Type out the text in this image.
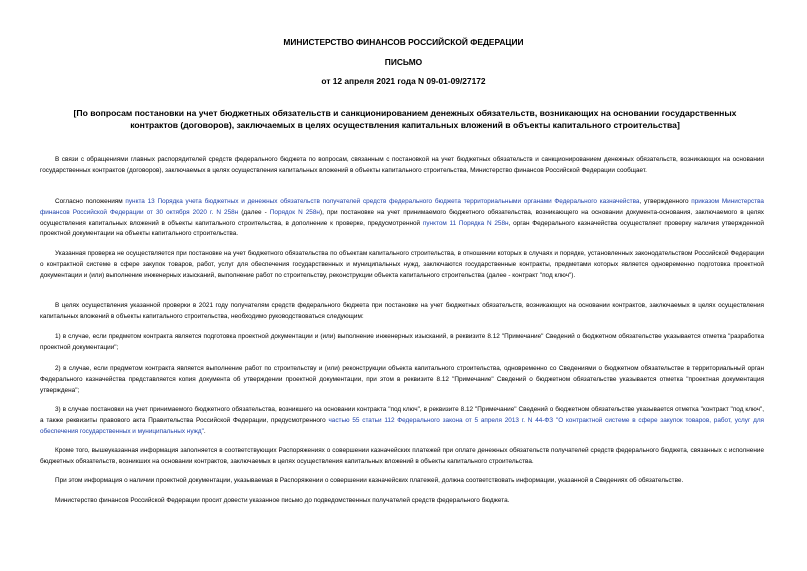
МИНИСТЕРСТВО ФИНАНСОВ РОССИЙСКОЙ ФЕДЕРАЦИИ

ПИСЬМО

от 12 апреля 2021 года N 09-01-09/27172

[По вопросам постановки на учет бюджетных обязательств и санкционированием денежных обязательств, возникающих на основании государственных контрактов (договоров), заключаемых в целях осуществления капитальных вложений в объекты капитального строительства]

В связи с обращениями главных распорядителей средств федерального бюджета по вопросам, связанным с постановкой на учет бюджетных обязательств и санкционированием денежных обязательств, возникающих на основании государственных контрактов (договоров), заключаемых в целях осуществления капитальных вложений в объекты капитального строительства, Министерство финансов Российской Федерации сообщает.

Согласно положениям пункта 13 Порядка учета бюджетных и денежных обязательств получателей средств федерального бюджета территориальными органами Федерального казначейства, утвержденного приказом Министерства финансов Российской Федерации от 30 октября 2020 г. N 258н (далее - Порядок N 258н), при постановке на учет принимаемого бюджетного обязательства, возникающего на основании документа-основания, заключаемого в целях осуществления капитальных вложений в объекты капитального строительства, в дополнение к проверке, предусмотренной пунктом 11 Порядка N 258н, орган Федерального казначейства осуществляет проверку наличия утвержденной проектной документации на объекты капитального строительства.

Указанная проверка не осуществляется при постановке на учет бюджетного обязательства по объектам капитального строительства, в отношении которых в случаях и порядке, установленных законодательством Российской Федерации о контрактной системе в сфере закупок товаров, работ, услуг для обеспечения государственных и муниципальных нужд, заключаются государственные контракты, предметами которых является одновременно подготовка проектной документации и (или) выполнение инженерных изысканий, выполнение работ по строительству, реконструкции объекта капитального строительства (далее - контракт "под ключ").

В целях осуществления указанной проверки в 2021 году получателям средств федерального бюджета при постановке на учет бюджетных обязательств, возникающих на основании контрактов, заключаемых в целях осуществления капитальных вложений в объекты капитального строительства, необходимо руководствоваться следующим:

1) в случае, если предметом контракта является подготовка проектной документации и (или) выполнение инженерных изысканий, в реквизите 8.12 "Примечание" Сведений о бюджетном обязательстве указывается отметка "разработка проектной документации";

2) в случае, если предметом контракта является выполнение работ по строительству и (или) реконструкции объекта капитального строительства, одновременно со Сведениями о бюджетном обязательстве в территориальный орган Федерального казначейства представляется копия документа об утверждении проектной документации, при этом в реквизите 8.12 "Примечание" Сведений о бюджетном обязательстве указывается отметка "проектная документация утверждена";

3) в случае постановки на учет принимаемого бюджетного обязательства, возникшего на основании контракта "под ключ", в реквизите 8.12 "Примечание" Сведений о бюджетном обязательстве указывается отметка "контракт "под ключ", а также реквизиты правового акта Правительства Российской Федерации, предусмотренного частью 55 статьи 112 Федерального закона от 5 апреля 2013 г. N 44-ФЗ "О контрактной системе в сфере закупок товаров, работ, услуг для обеспечения государственных и муниципальных нужд".

Кроме того, вышеуказанная информация заполняется в соответствующих Распоряжениях о совершении казначейских платежей при оплате денежных обязательств получателей средств федерального бюджета, связанных с исполнение бюджетных обязательств, возникших на основании контрактов, заключаемых в целях осуществления капитальных вложений в объекты капитального строительства.

При этом информация о наличии проектной документации, указываемая в Распоряжении о совершении казначейских платежей, должна соответствовать информации, указанной в Сведениях об обязательстве.

Министерство финансов Российской Федерации просит довести указанное письмо до подведомственных получателей средств федерального бюджета.
